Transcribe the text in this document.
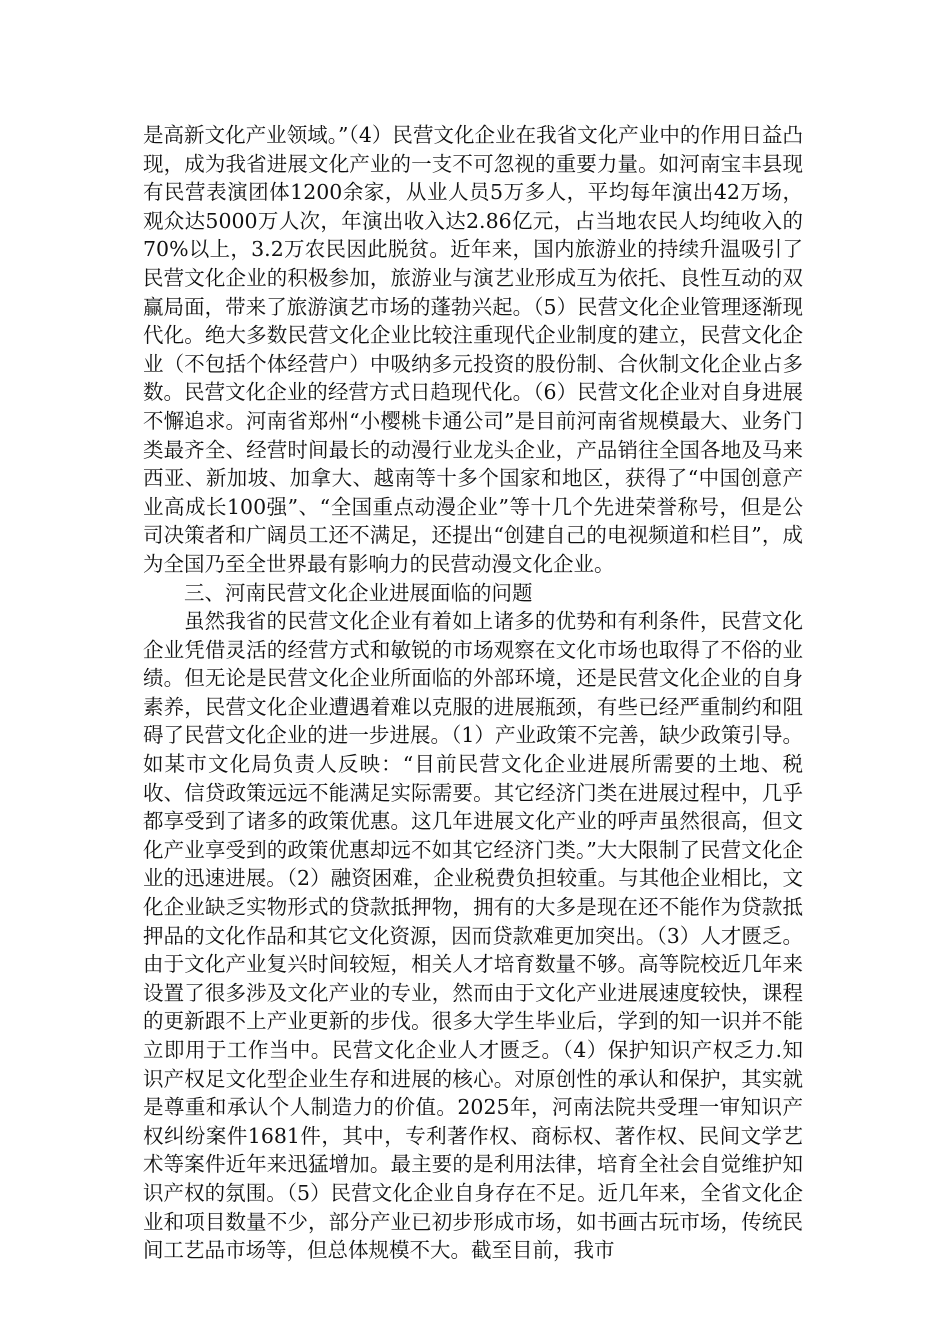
是高新文化产业领域。”（4）民营文化企业在我省文化产业中的作用日益凸现，成为我省进展文化产业的一支不可忽视的重要力量。如河南宝丰县现有民营表演团体1200余家，从业人员5万多人，平均每年演出42万场，观众达5000万人次，年演出收入达2.86亿元，占当地农民人均纯收入的70%以上，3.2万农民因此脱贫。近年来，国内旅游业的持续升温吸引了民营文化企业的积极参加，旅游业与演艺业形成互为依托、良性互动的双赢局面，带来了旅游演艺市场的蓬勃兴起。（5）民营文化企业管理逐渐现代化。绝大多数民营文化企业比较注重现代企业制度的建立，民营文化企业（不包括个体经营户）中吸纳多元投资的股份制、合伙制文化企业占多数。民营文化企业的经营方式日趋现代化。（6）民营文化企业对自身进展不懈追求。河南省郑州“小樱桃卡通公司”是目前河南省规模最大、业务门类最齐全、经营时间最长的动漫行业龙头企业，产品销往全国各地及马来西亚、新加坡、加拿大、越南等十多个国家和地区，获得了“中国创意产业高成长100强”、“全国重点动漫企业”等十几个先进荣誉称号，但是公司决策者和广阔员工还不满足，还提出“创建自己的电视频道和栏目”，成为全国乃至全世界最有影响力的民营动漫文化企业。

三、河南民营文化企业进展面临的问题

虽然我省的民营文化企业有着如上诸多的优势和有利条件，民营文化企业凭借灵活的经营方式和敏锐的市场观察在文化市场也取得了不俗的业绩。但无论是民营文化企业所面临的外部环境，还是民营文化企业的自身素养，民营文化企业遭遇着难以克服的进展瓶颈，有些已经严重制约和阻碍了民营文化企业的进一步进展。（1）产业政策不完善，缺少政策引导。如某市文化局负责人反映：“目前民营文化企业进展所需要的土地、税收、信贷政策远远不能满足实际需要。其它经济门类在进展过程中，几乎都享受到了诸多的政策优惠。这几年进展文化产业的呼声虽然很高，但文化产业享受到的政策优惠却远不如其它经济门类。”大大限制了民营文化企业的迅速进展。（2）融资困难，企业税费负担较重。与其他企业相比，文化企业缺乏实物形式的贷款抵押物，拥有的大多是现在还不能作为贷款抵押品的文化作品和其它文化资源，因而贷款难更加突出。（3）人才匮乏。由于文化产业复兴时间较短，相关人才培育数量不够。高等院校近几年来设置了很多涉及文化产业的专业，然而由于文化产业进展速度较快，课程的更新跟不上产业更新的步伐。很多大学生毕业后，学到的知一识并不能立即用于工作当中。民营文化企业人才匮乏。（4）保护知识产权乏力.知识产权足文化型企业生存和进展的核心。对原创性的承认和保护，其实就是尊重和承认个人制造力的价值。2025年，河南法院共受理一审知识产权纠纷案件1681件，其中，专利著作权、商标权、著作权、民间文学艺术等案件近年来迅猛增加。最主要的是利用法律，培育全社会自觉维护知识产权的氛围。（5）民营文化企业自身存在不足。近几年来，全省文化企业和项目数量不少，部分产业已初步形成市场，如书画古玩市场，传统民间工艺品市场等，但总体规模不大。截至目前，我市
